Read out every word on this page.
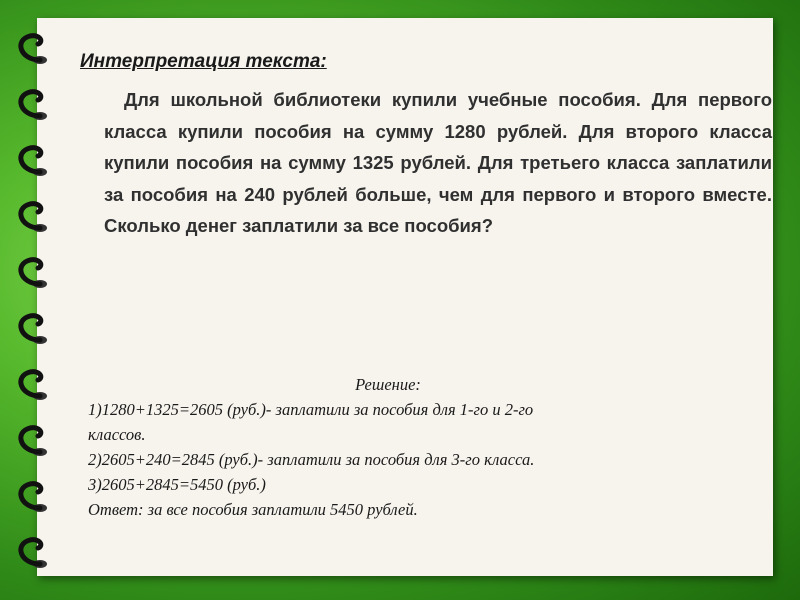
Интерпретация текста:

Для школьной библиотеки купили учебные пособия. Для первого класса купили пособия на сумму 1280 рублей. Для второго класса купили пособия на сумму 1325 рублей. Для третьего класса заплатили за пособия на 240 рублей больше, чем для первого и второго вместе. Сколько денег заплатили за все пособия?

Решение:
1)1280+1325=2605 (руб.)- заплатили за пособия для 1-го и 2-го
классов.
2)2605+240=2845 (руб.)- заплатили за пособия для 3-го класса.
3)2605+2845=5450 (руб.)
Ответ: за все пособия заплатили 5450 рублей.
